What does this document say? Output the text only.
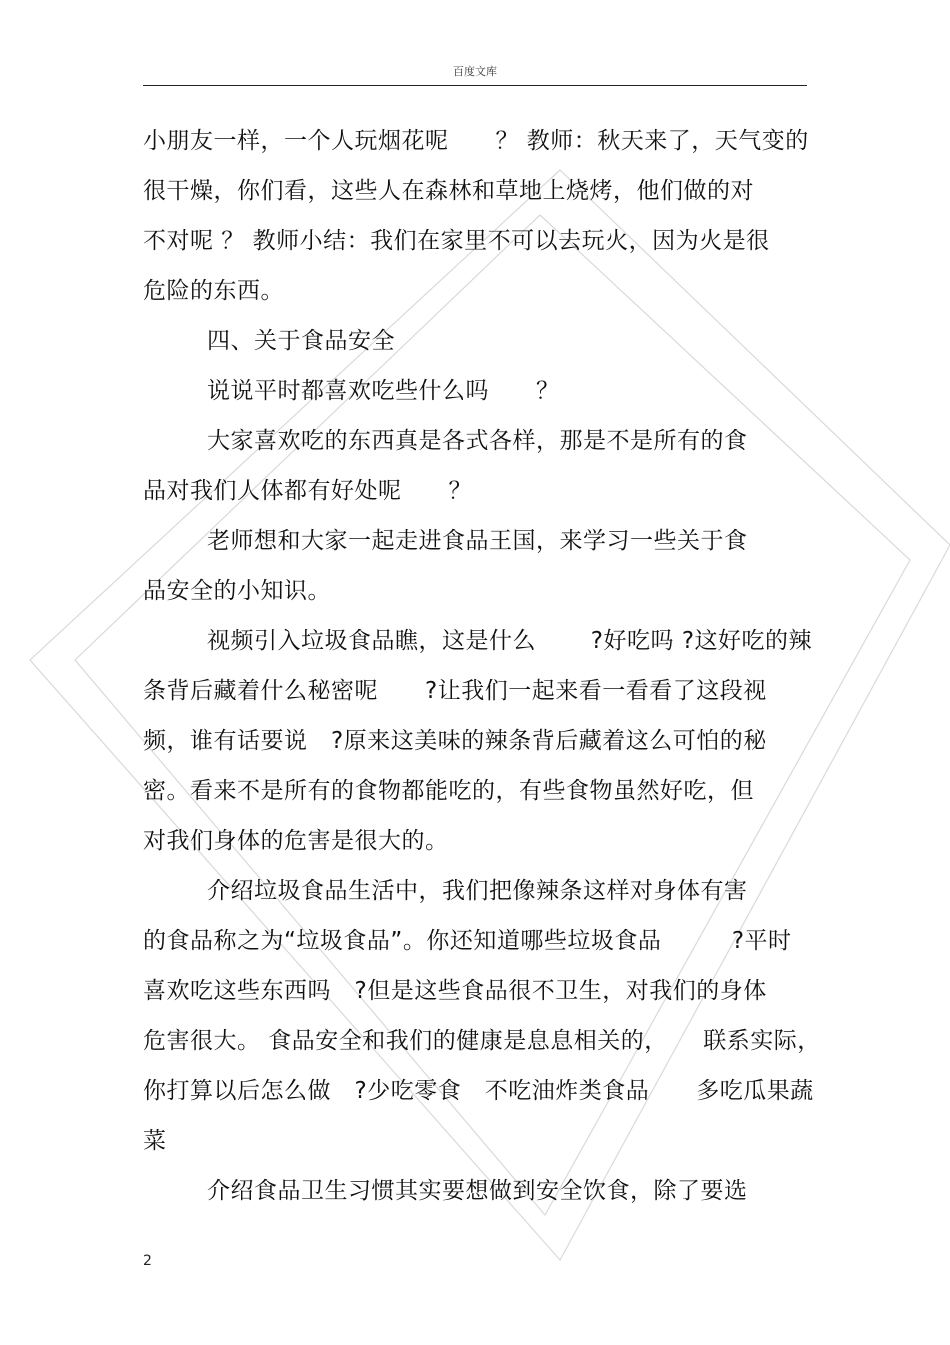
百度文库
小朋友一样，一个人玩烟花呢　　？ 教师：秋天来了，天气变的
很干燥，你们看，这些人在森林和草地上烧烤，他们做的对
不对呢 ？ 教师小结：我们在家里不可以去玩火，因为火是很
危险的东西。
四、关于食品安全
说说平时都喜欢吃些什么吗　　？
大家喜欢吃的东西真是各式各样，那是不是所有的食
品对我们人体都有好处呢　　？
老师想和大家一起走进食品王国，来学习一些关于食
品安全的小知识。
视频引入垃圾食品瞧，这是什么　　 ?好吃吗 ?这好吃的辣
条背后藏着什么秘密呢　　?让我们一起来看一看看了这段视
频，谁有话要说　?原来这美味的辣条背后藏着这么可怕的秘
密。看来不是所有的食物都能吃的，有些食物虽然好吃，但
对我们身体的危害是很大的。
介绍垃圾食品生活中，我们把像辣条这样对身体有害
的食品称之为“垃圾食品”。你还知道哪些垃圾食品　　　?平时
喜欢吃这些东西吗　?但是这些食品很不卫生，对我们的身体
危害很大。 食品安全和我们的健康是息息相关的，　　联系实际，
你打算以后怎么做　?少吃零食　不吃油炸类食品　　多吃瓜果蔬
菜
介绍食品卫生习惯其实要想做到安全饮食，除了要选
2
